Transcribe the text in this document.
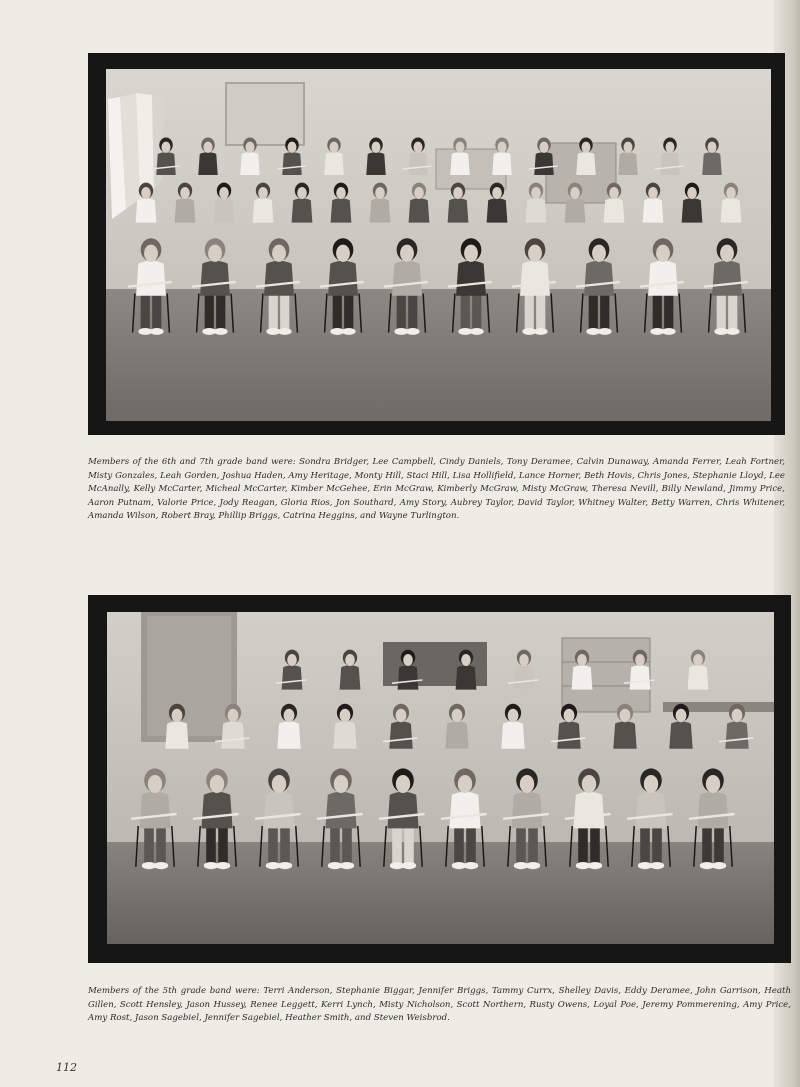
Members of the 6th and 7th grade band were: Sondra Bridger, Lee Campbell, Cindy Daniels, Tony Deramee, Calvin Dunaway, Amanda Ferrer, Leah Fortner, Misty Gonzales, Leah Gorden, Joshua Haden, Amy Heritage, Monty Hill, Staci Hill, Lisa Hollifield, Lance Horner, Beth Hovis, Chris Jones, Stephanie Lloyd, Lee McAnally, Kelly McCarter, Micheal McCarter, Kimber McGehee, Erin McGraw, Kimberly McGraw, Misty McGraw, Theresa Nevill, Billy Newland, Jimmy Price, Aaron Putnam, Valorie Price, Jody Reagan, Gloria Rios, Jon Southard, Amy Story, Aubrey Taylor, David Taylor, Whitney Walter, Betty Warren, Chris Whitener, Amanda Wilson, Robert Bray, Phillip Briggs, Catrina Heggins, and Wayne Turlington.

Members of the 5th grade band were: Terri Anderson, Stephanie Biggar, Jennifer Briggs, Tammy Currx, Shelley Davis, Eddy Deramee, John Garrison, Heath Gillen, Scott Hensley, Jason Hussey, Renee Leggett, Kerri Lynch, Misty Nicholson, Scott Northern, Rusty Owens, Loyal Poe, Jeremy Pommerening, Amy Price, Amy Rost, Jason Sagebiel, Jennifer Sagebiel, Heather Smith, and Steven Weisbrod.

112
